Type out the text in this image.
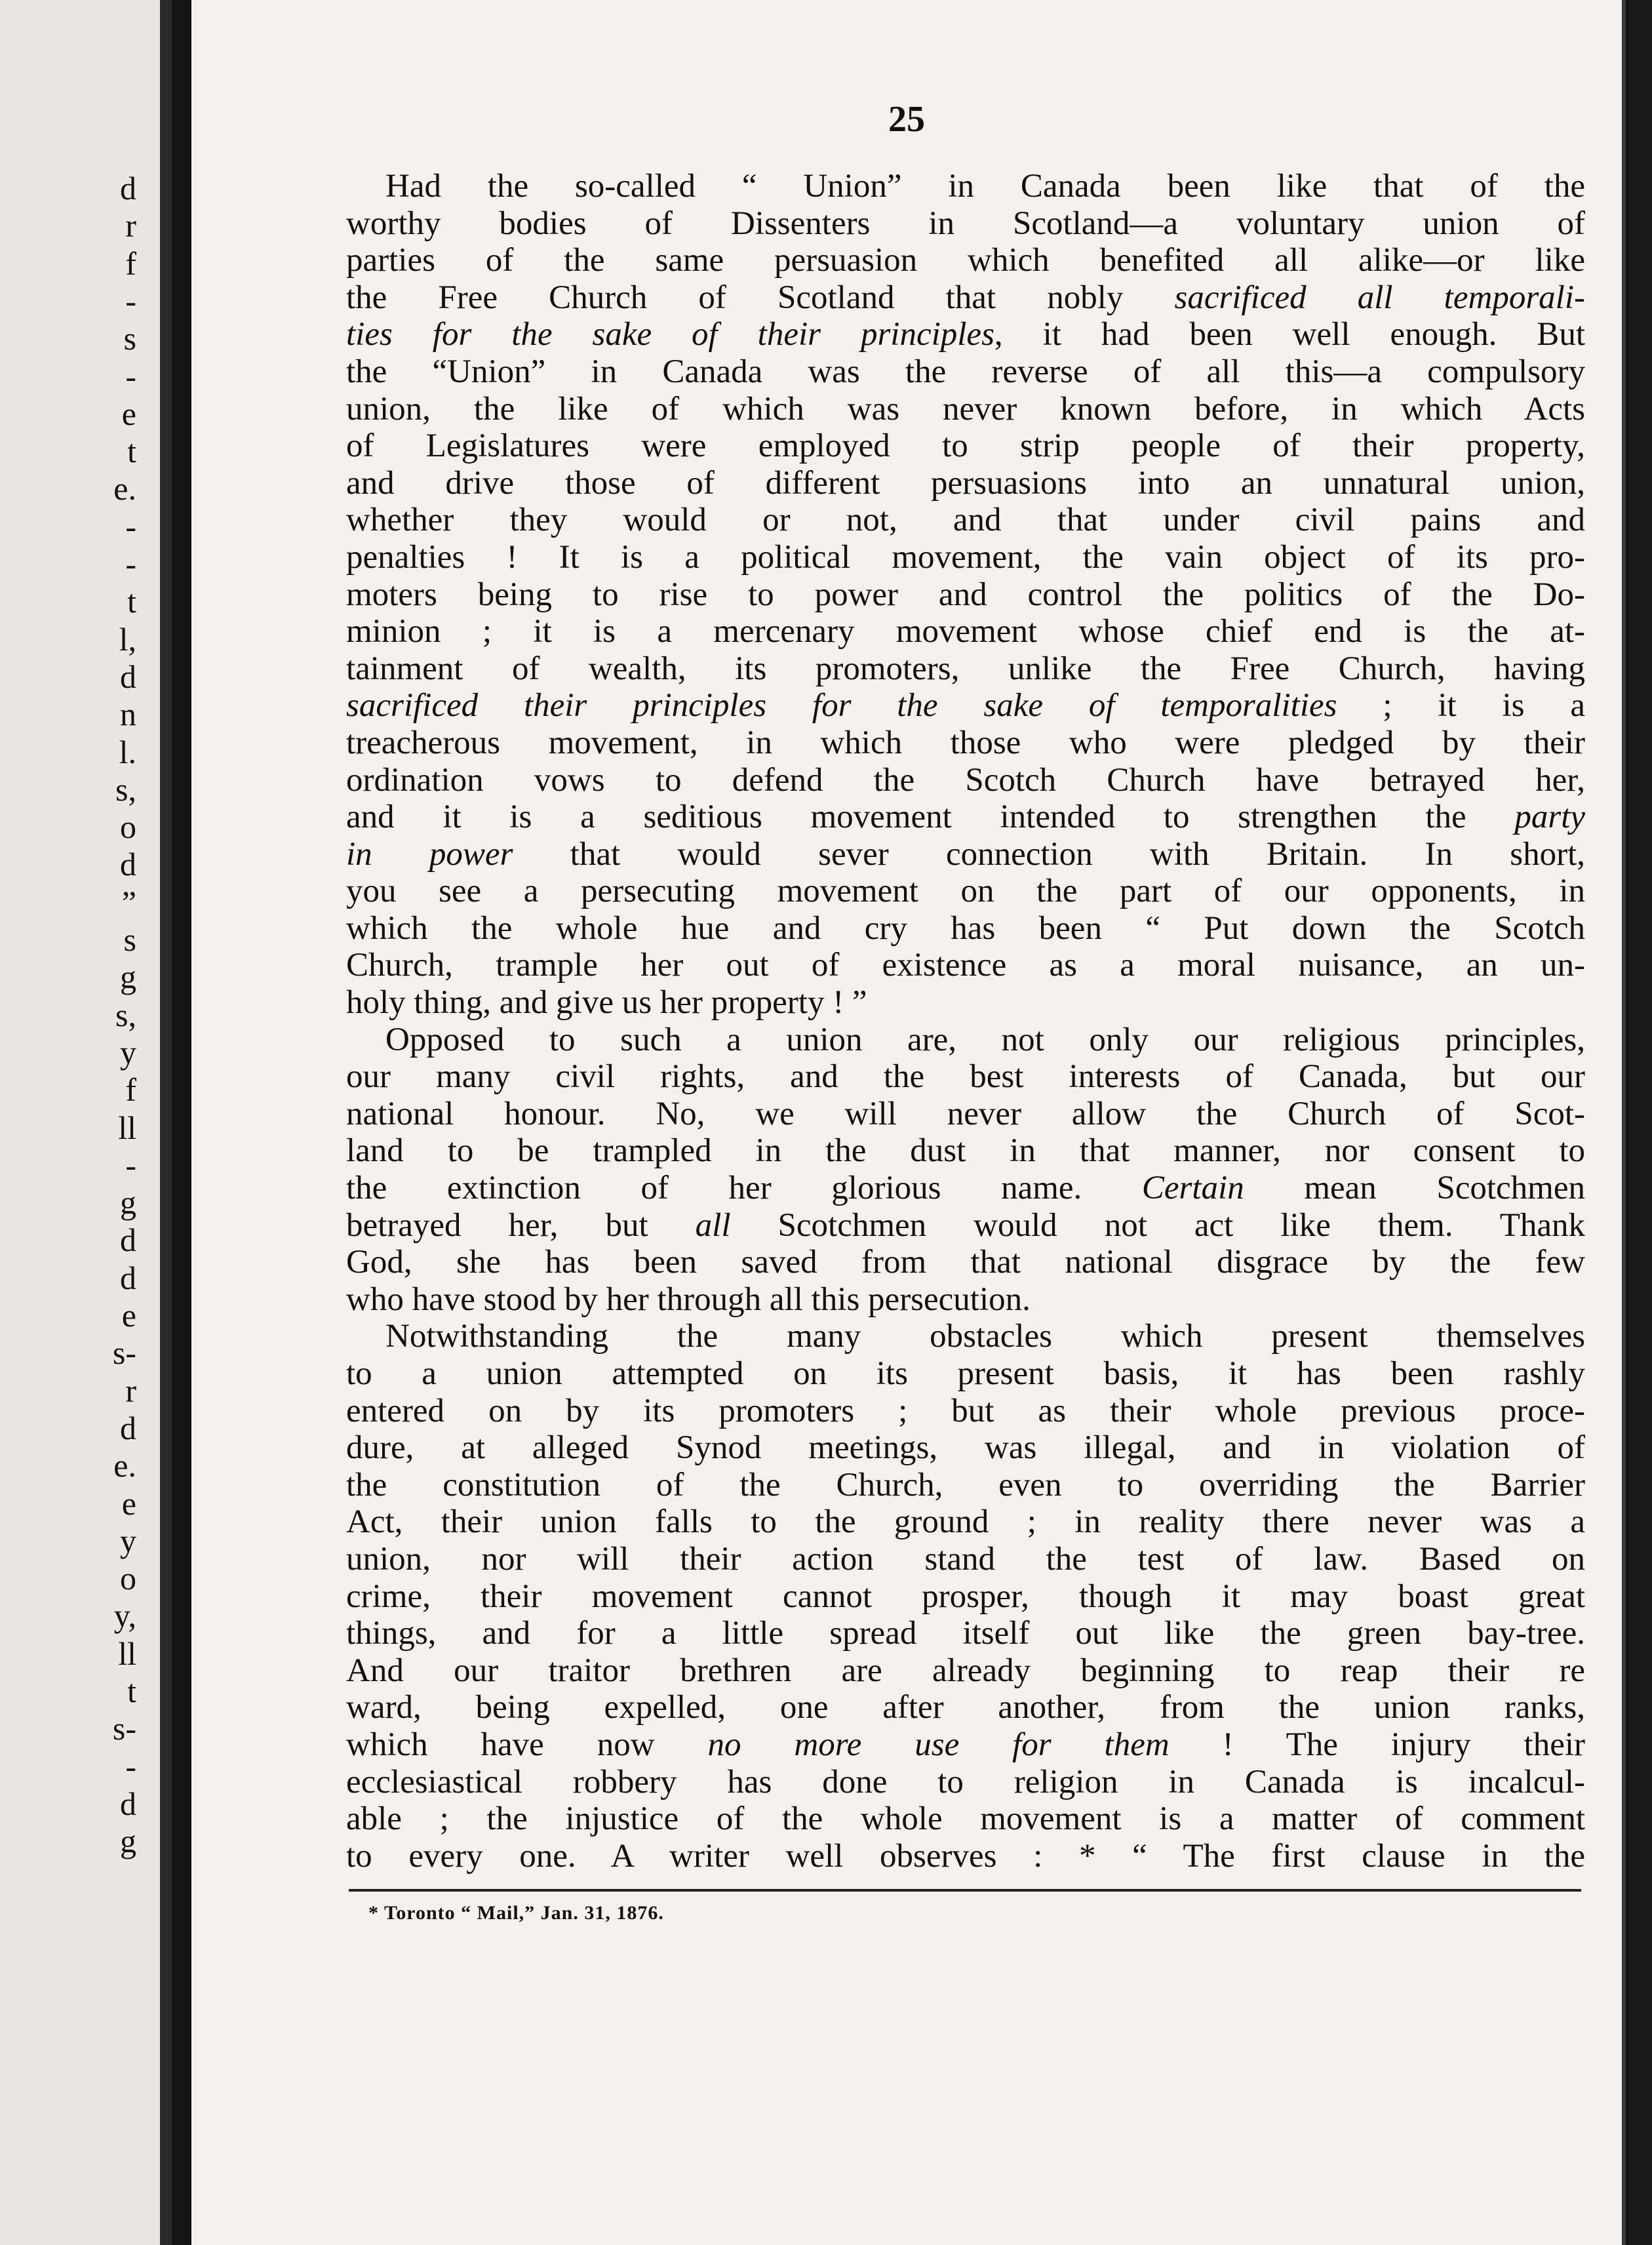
d
r
f
-
s
-
e
t
e.
-
-
t
l,
d
n
l.
s,
o
d
”
s
g
s,
y
f
ll
-
g
d
d
e
s-
r
d
e.
e
y
o
y,
ll
t
s-
-
d
g
25

Had the so-called “ Union” in Canada been like that of the
worthy bodies of Dissenters in Scotland—a voluntary union of
parties of the same persuasion which benefited all alike—or like
the Free Church of Scotland that nobly sacrificed all temporali-
ties for the sake of their principles, it had been well enough. But
the “Union” in Canada was the reverse of all this—a compulsory
union, the like of which was never known before, in which Acts
of Legislatures were employed to strip people of their property,
and drive those of different persuasions into an unnatural union,
whether they would or not, and that under civil pains and
penalties ! It is a political movement, the vain object of its pro-
moters being to rise to power and control the politics of the Do-
minion ; it is a mercenary movement whose chief end is the at-
tainment of wealth, its promoters, unlike the Free Church, having
sacrificed their principles for the sake of temporalities ; it is a
treacherous movement, in which those who were pledged by their
ordination vows to defend the Scotch Church have betrayed her,
and it is a seditious movement intended to strengthen the party
in power that would sever connection with Britain. In short,
you see a persecuting movement on the part of our opponents, in
which the whole hue and cry has been “ Put down the Scotch
Church, trample her out of existence as a moral nuisance, an un-
holy thing, and give us her property ! ”

Opposed to such a union are, not only our religious principles,
our many civil rights, and the best interests of Canada, but our
national honour. No, we will never allow the Church of Scot-
land to be trampled in the dust in that manner, nor consent to
the extinction of her glorious name. Certain mean Scotchmen
betrayed her, but all Scotchmen would not act like them. Thank
God, she has been saved from that national disgrace by the few
who have stood by her through all this persecution.

Notwithstanding the many obstacles which present themselves
to a union attempted on its present basis, it has been rashly
entered on by its promoters ; but as their whole previous proce-
dure, at alleged Synod meetings, was illegal, and in violation of
the constitution of the Church, even to overriding the Barrier
Act, their union falls to the ground ; in reality there never was a
union, nor will their action stand the test of law. Based on
crime, their movement cannot prosper, though it may boast great
things, and for a little spread itself out like the green bay-tree.
And our traitor brethren are already beginning to reap their re
ward, being expelled, one after another, from the union ranks,
which have now no more use for them ! The injury their
ecclesiastical robbery has done to religion in Canada is incalcul-
able ; the injustice of the whole movement is a matter of comment
to every one. A writer well observes : * “ The first clause in the

* Toronto “ Mail,” Jan. 31, 1876.
